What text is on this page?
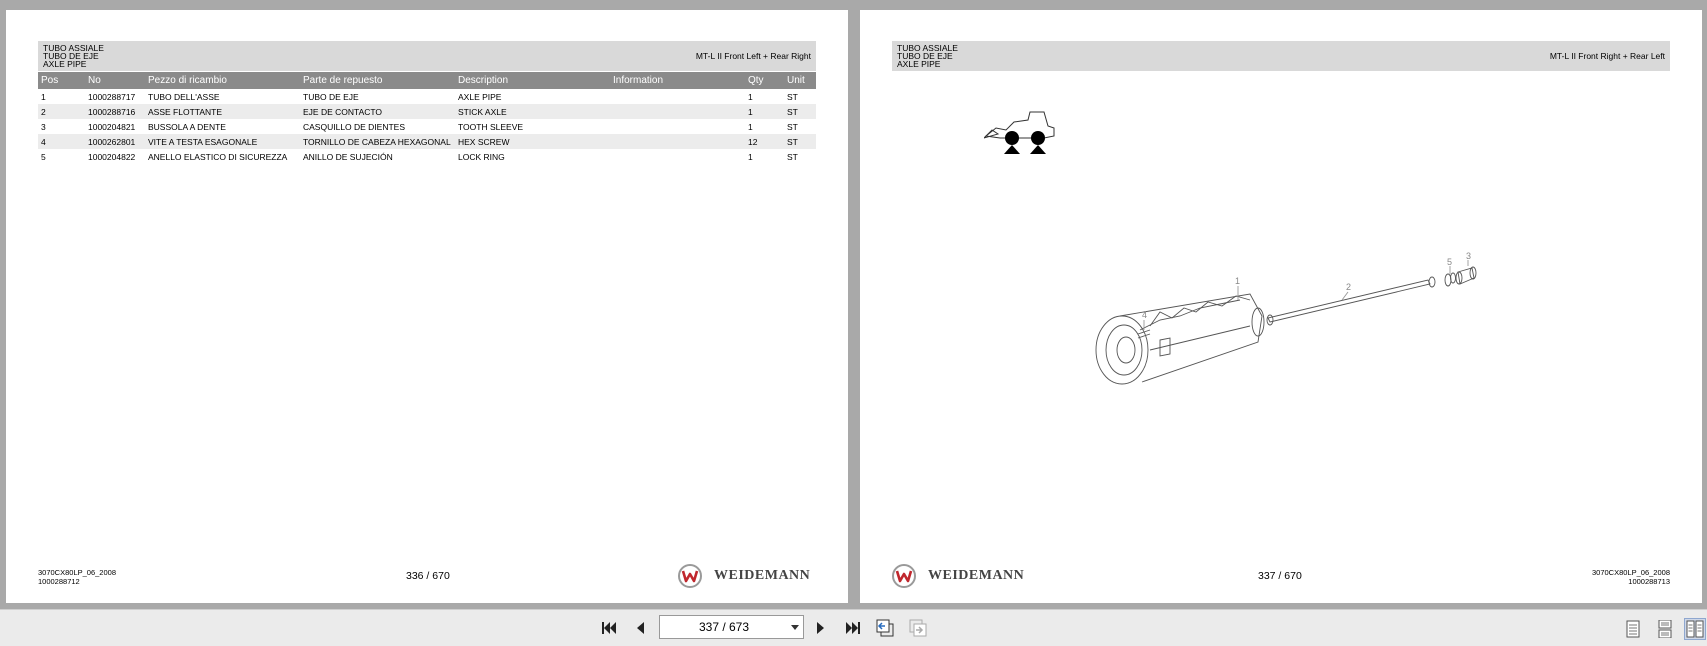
TUBO ASSIALE
TUBO DE EJE
AXLE PIPE
MT-L II Front Left + Rear Right
Pos	No	Pezzo di ricambio	Parte de repuesto	Description	Information	Qty	Unit
1	1000288717	TUBO DELL'ASSE	TUBO DE EJE	AXLE PIPE		1	ST
2	1000288716	ASSE FLOTTANTE	EJE DE CONTACTO	STICK AXLE		1	ST
3	1000204821	BUSSOLA A DENTE	CASQUILLO DE DIENTES	TOOTH SLEEVE		1	ST
4	1000262801	VITE A TESTA ESAGONALE	TORNILLO DE CABEZA HEXAGONAL	HEX SCREW		12	ST
5	1000204822	ANELLO ELASTICO DI SICUREZZA	ANILLO DE SUJECIÓN	LOCK RING		1	ST
3070CX80LP_06_2008
1000288712	336 / 670	WEIDEMANN
TUBO ASSIALE
TUBO DE EJE
AXLE PIPE
MT-L II Front Right + Rear Left
1
2
3
4
5
WEIDEMANN	337 / 670	3070CX80LP_06_2008
1000288713
337 / 673
